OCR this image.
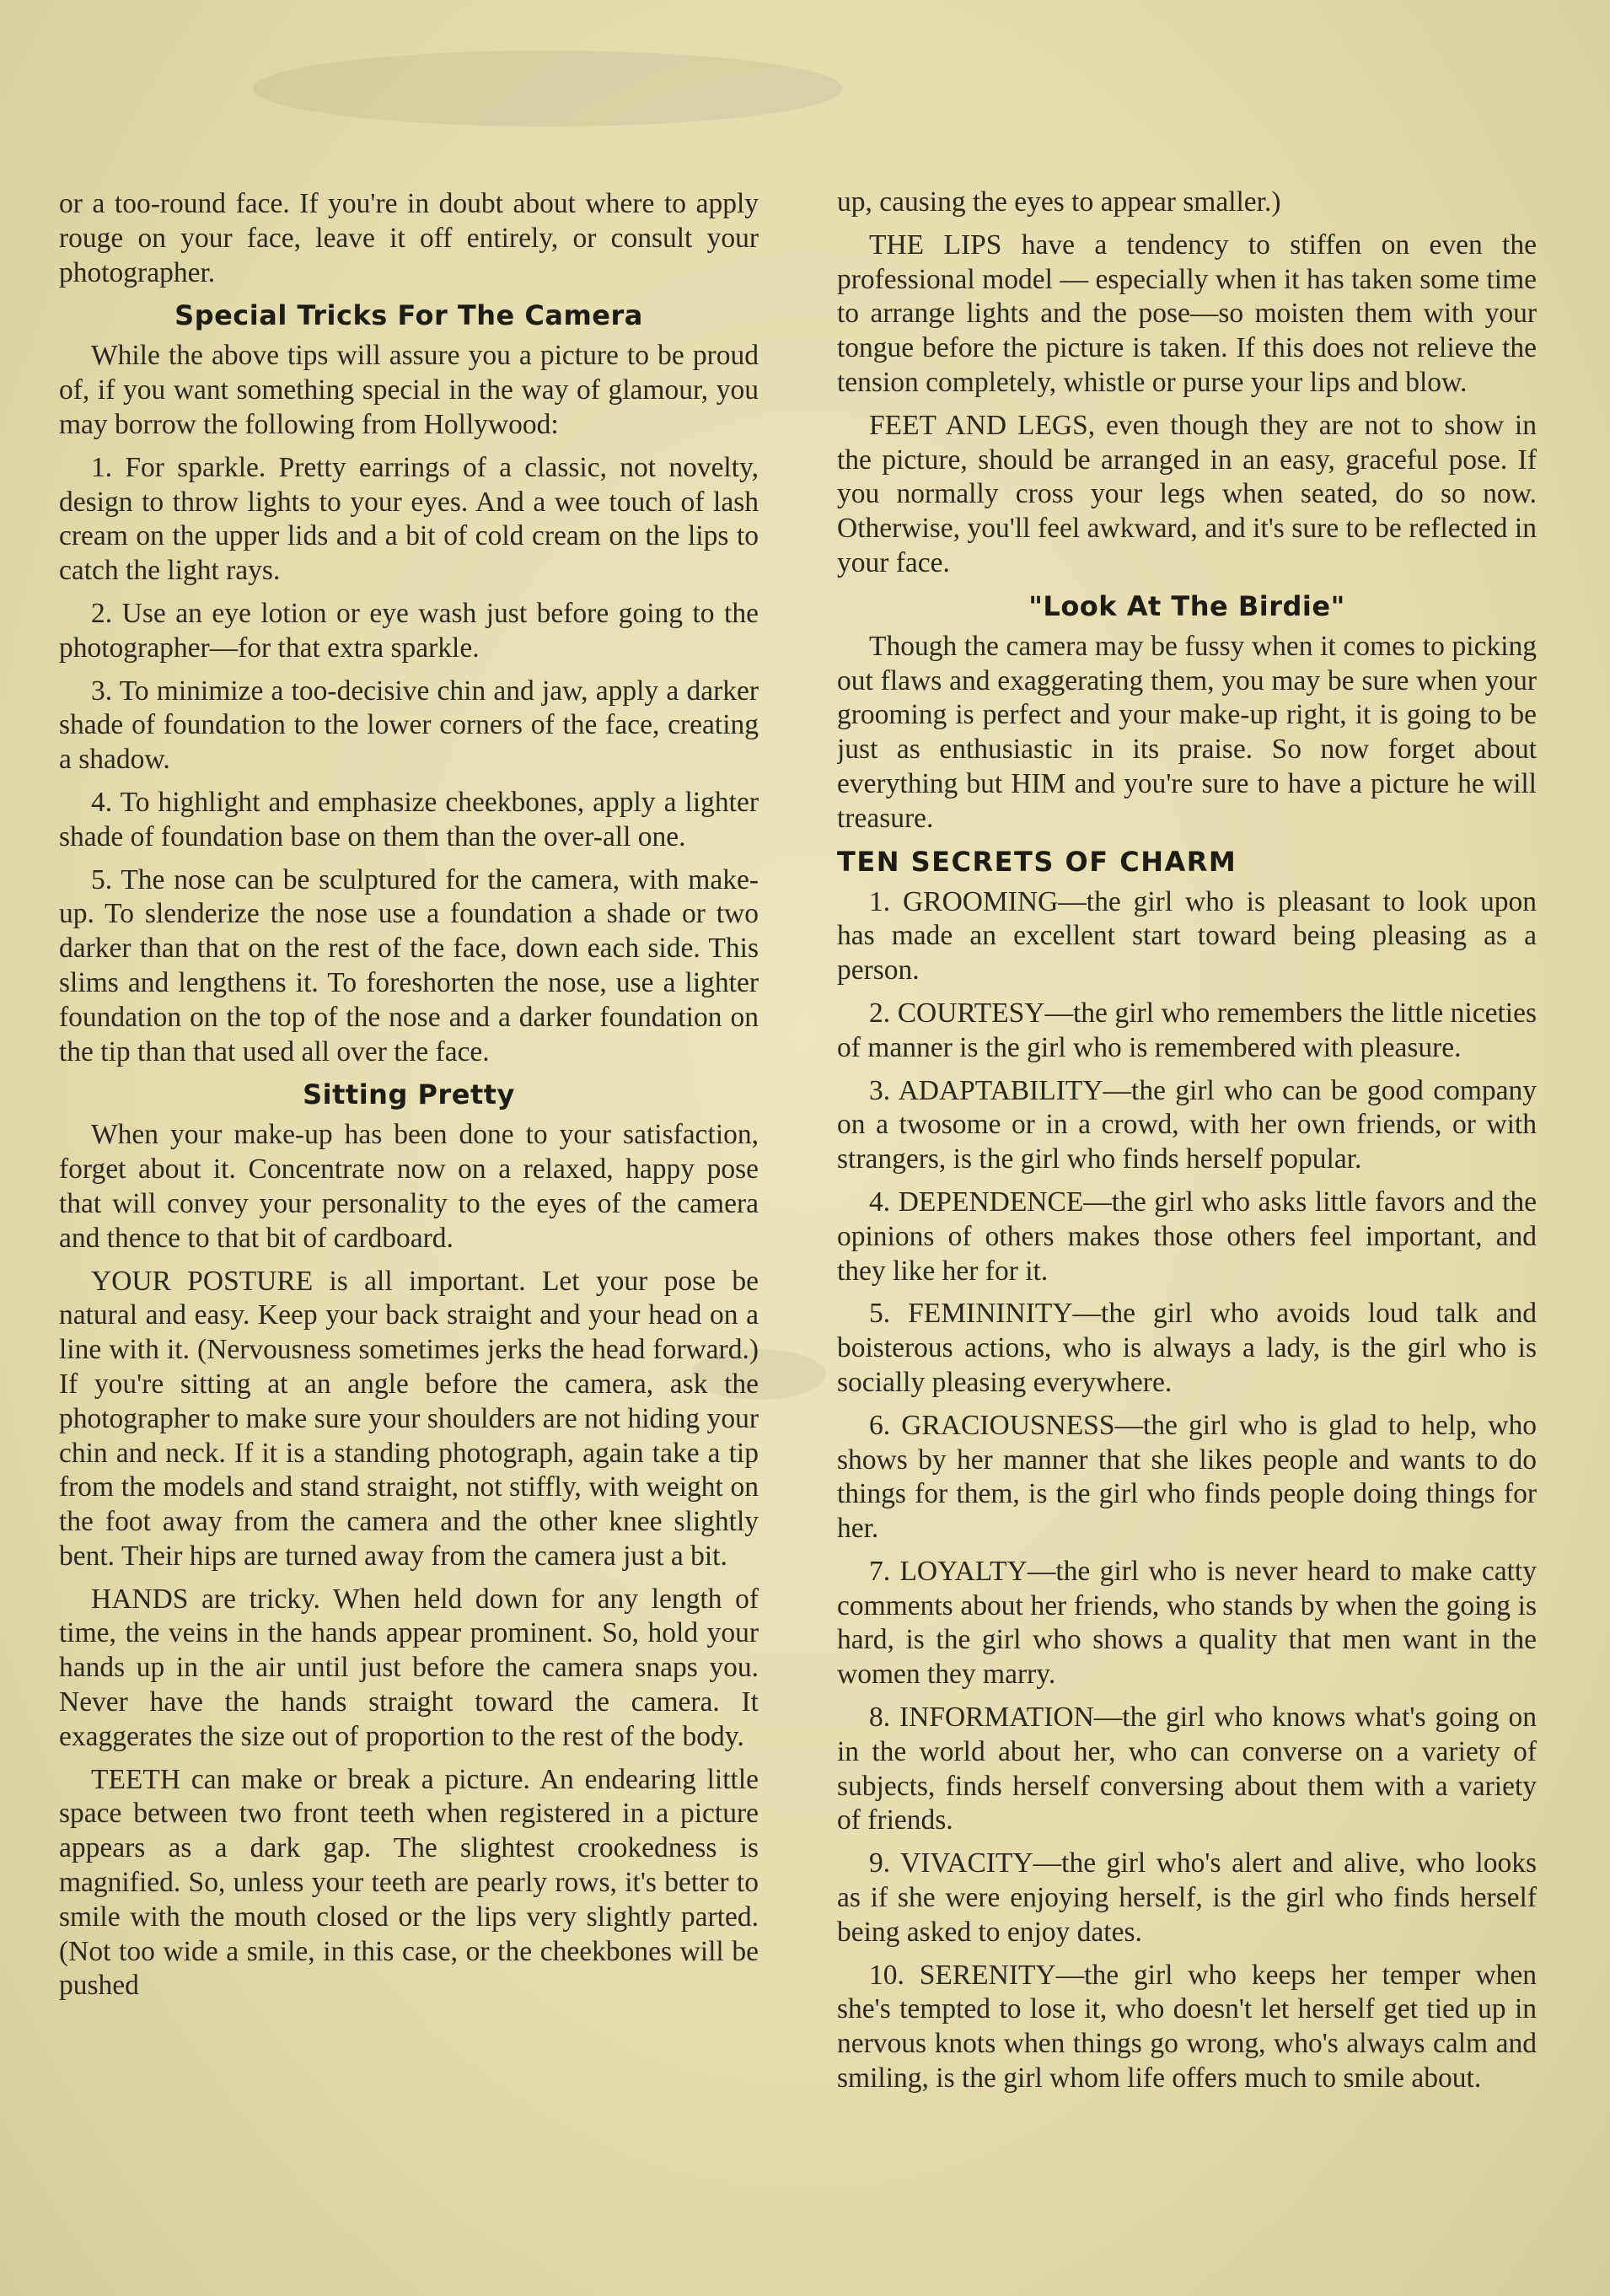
or a too-round face. If you're in doubt about where to apply rouge on your face, leave it off entirely, or consult your photographer.

Special Tricks For The Camera

While the above tips will assure you a picture to be proud of, if you want something special in the way of glamour, you may borrow the following from Hollywood:

1. For sparkle. Pretty earrings of a classic, not novelty, design to throw lights to your eyes. And a wee touch of lash cream on the upper lids and a bit of cold cream on the lips to catch the light rays.

2. Use an eye lotion or eye wash just before going to the photographer—for that extra sparkle.

3. To minimize a too-decisive chin and jaw, apply a darker shade of foundation to the lower corners of the face, creating a shadow.

4. To highlight and emphasize cheekbones, apply a lighter shade of foundation base on them than the over-all one.

5. The nose can be sculptured for the camera, with make-up. To slenderize the nose use a foundation a shade or two darker than that on the rest of the face, down each side. This slims and lengthens it. To foreshorten the nose, use a lighter foundation on the top of the nose and a darker foundation on the tip than that used all over the face.

Sitting Pretty

When your make-up has been done to your satisfaction, forget about it. Concentrate now on a relaxed, happy pose that will convey your personality to the eyes of the camera and thence to that bit of cardboard.

YOUR POSTURE is all important. Let your pose be natural and easy. Keep your back straight and your head on a line with it. (Nervousness sometimes jerks the head forward.) If you're sitting at an angle before the camera, ask the photographer to make sure your shoulders are not hiding your chin and neck. If it is a standing photograph, again take a tip from the models and stand straight, not stiffly, with weight on the foot away from the camera and the other knee slightly bent. Their hips are turned away from the camera just a bit.

HANDS are tricky. When held down for any length of time, the veins in the hands appear prominent. So, hold your hands up in the air until just before the camera snaps you. Never have the hands straight toward the camera. It exaggerates the size out of proportion to the rest of the body.

TEETH can make or break a picture. An endearing little space between two front teeth when registered in a picture appears as a dark gap. The slightest crookedness is magnified. So, unless your teeth are pearly rows, it's better to smile with the mouth closed or the lips very slightly parted. (Not too wide a smile, in this case, or the cheekbones will be pushed

up, causing the eyes to appear smaller.)

THE LIPS have a tendency to stiffen on even the professional model — especially when it has taken some time to arrange lights and the pose—so moisten them with your tongue before the picture is taken. If this does not relieve the tension completely, whistle or purse your lips and blow.

FEET AND LEGS, even though they are not to show in the picture, should be arranged in an easy, graceful pose. If you normally cross your legs when seated, do so now. Otherwise, you'll feel awkward, and it's sure to be reflected in your face.

"Look At The Birdie"

Though the camera may be fussy when it comes to picking out flaws and exaggerating them, you may be sure when your grooming is perfect and your make-up right, it is going to be just as enthusiastic in its praise. So now forget about everything but HIM and you're sure to have a picture he will treasure.

TEN SECRETS OF CHARM

1. GROOMING—the girl who is pleasant to look upon has made an excellent start toward being pleasing as a person.

2. COURTESY—the girl who remembers the little niceties of manner is the girl who is remembered with pleasure.

3. ADAPTABILITY—the girl who can be good company on a twosome or in a crowd, with her own friends, or with strangers, is the girl who finds herself popular.

4. DEPENDENCE—the girl who asks little favors and the opinions of others makes those others feel important, and they like her for it.

5. FEMININITY—the girl who avoids loud talk and boisterous actions, who is always a lady, is the girl who is socially pleasing everywhere.

6. GRACIOUSNESS—the girl who is glad to help, who shows by her manner that she likes people and wants to do things for them, is the girl who finds people doing things for her.

7. LOYALTY—the girl who is never heard to make catty comments about her friends, who stands by when the going is hard, is the girl who shows a quality that men want in the women they marry.

8. INFORMATION—the girl who knows what's going on in the world about her, who can converse on a variety of subjects, finds herself conversing about them with a variety of friends.

9. VIVACITY—the girl who's alert and alive, who looks as if she were enjoying herself, is the girl who finds herself being asked to enjoy dates.

10. SERENITY—the girl who keeps her temper when she's tempted to lose it, who doesn't let herself get tied up in nervous knots when things go wrong, who's always calm and smiling, is the girl whom life offers much to smile about.
